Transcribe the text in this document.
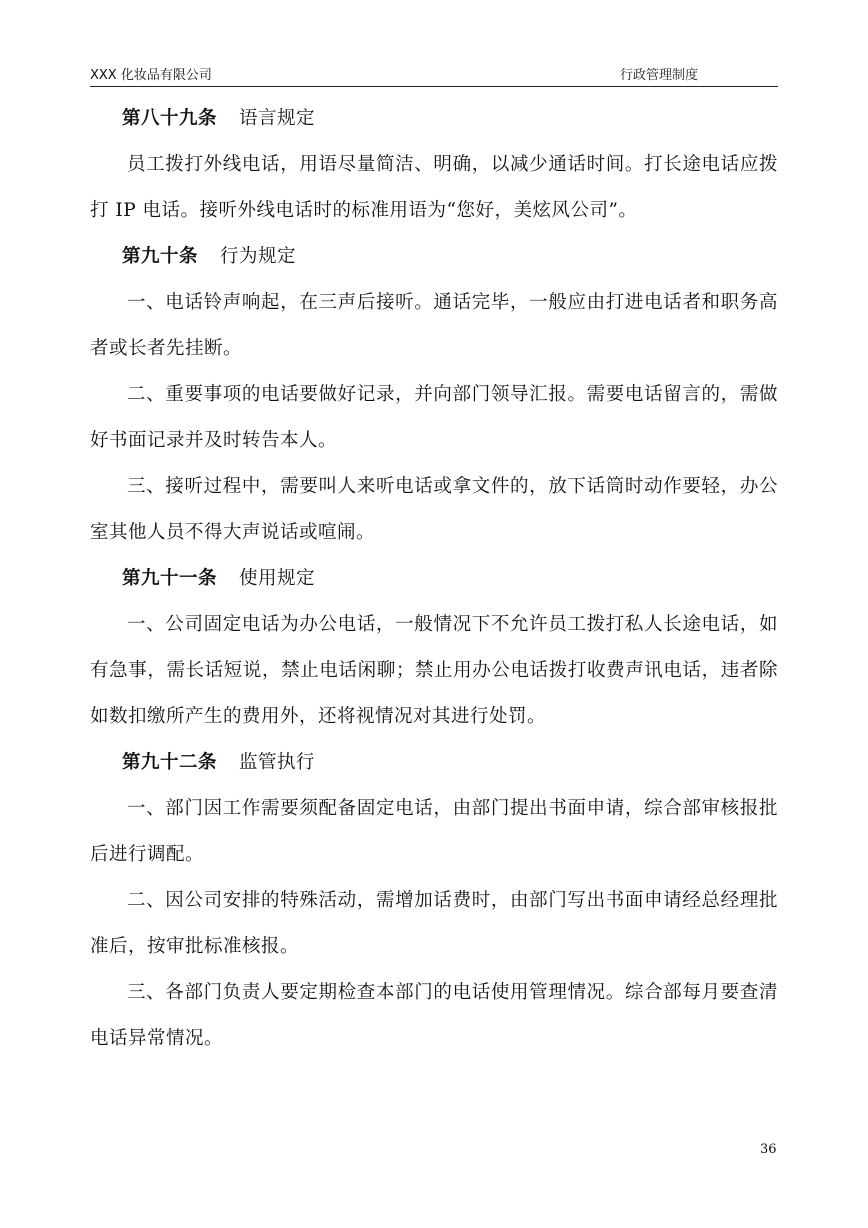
XXX 化妆品有限公司	行政管理制度

第八十九条 语言规定

员工拨打外线电话，用语尽量简洁、明确，以减少通话时间。打长途电话应拨打 IP 电话。接听外线电话时的标准用语为“您好，美炫风公司”。

第九十条 行为规定

一、电话铃声响起，在三声后接听。通话完毕，一般应由打进电话者和职务高者或长者先挂断。

二、重要事项的电话要做好记录，并向部门领导汇报。需要电话留言的，需做好书面记录并及时转告本人。

三、接听过程中，需要叫人来听电话或拿文件的，放下话筒时动作要轻，办公室其他人员不得大声说话或喧闹。

第九十一条 使用规定

一、公司固定电话为办公电话，一般情况下不允许员工拨打私人长途电话，如有急事，需长话短说，禁止电话闲聊；禁止用办公电话拨打收费声讯电话，违者除如数扣缴所产生的费用外，还将视情况对其进行处罚。

第九十二条 监管执行

一、部门因工作需要须配备固定电话，由部门提出书面申请，综合部审核报批后进行调配。

二、因公司安排的特殊活动，需增加话费时，由部门写出书面申请经总经理批准后，按审批标准核报。

三、各部门负责人要定期检查本部门的电话使用管理情况。综合部每月要查清电话异常情况。

36
